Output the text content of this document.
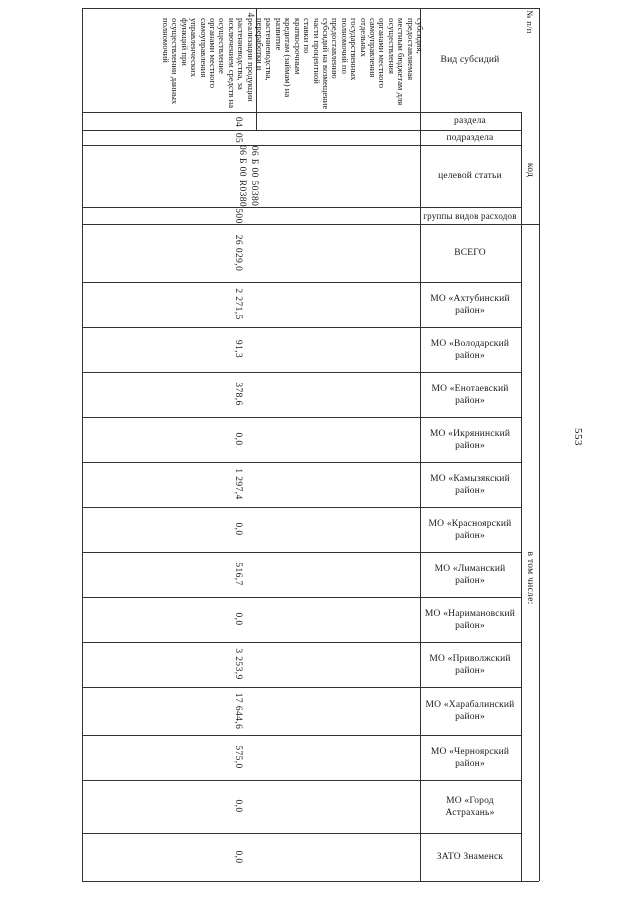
553
Вид субсидий
раздела
подраздела
целевой статьи
группы видов расходов
№ п/п
код
в том числе:
ВСЕГО
МО «Ахтубинский район»
МО «Володарский район»
МО «Енотаевский район»
МО «Икрянинский район»
МО «Камызякский район»
МО «Красноярский район»
МО «Лиманский район»
МО «Наримановский район»
МО «Приволжский район»
МО «Харабалинский район»
МО «Черноярский район»
МО «Город Астрахань»
ЗАТО Знаменск
4
субсидия, предоставляемая местным бюджетам для осуществления органами местного самоуправления отдельных государственных полномочий по предоставлению субсидий на возмещение части процентной ставки по краткосрочным кредитам (займам) на развитие растениеводства, переработки и реализации продукции растениеводства, за исключением средств на осуществление органами местного самоуправления управленческих функций при осуществлении данных полномочий
04
05
06 Б 00 50380
06 Б 00 R0380
500
26 029,0
2 271,5
91,3
378,6
0,0
1 297,4
0,0
516,7
0,0
3 253,9
17 644,6
575,0
0,0
0,0
